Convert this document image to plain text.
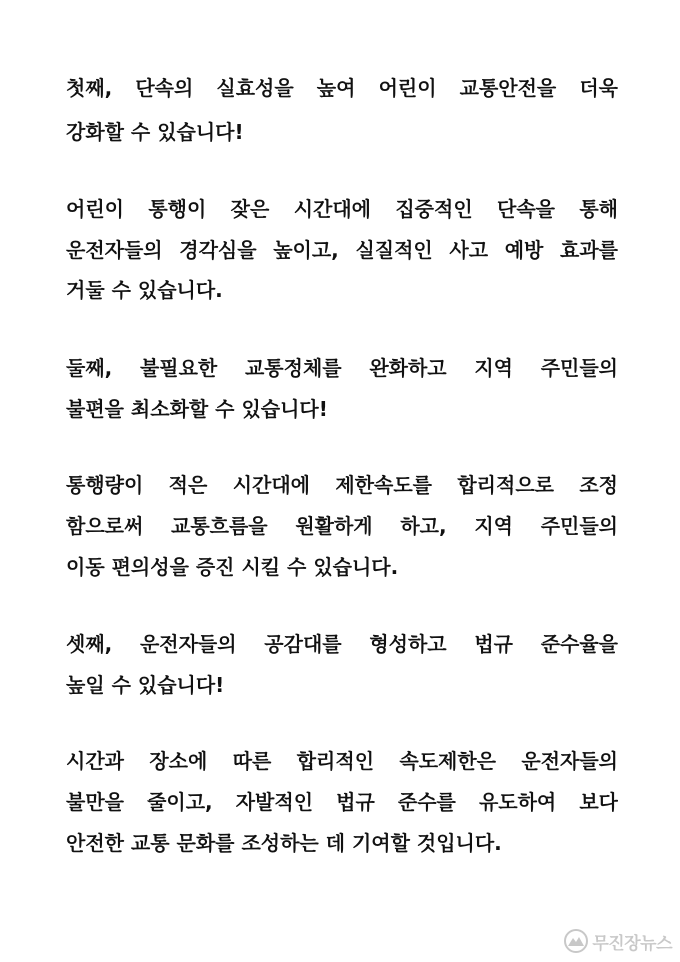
첫째, 단속의 실효성을 높여 어린이 교통안전을 더욱
강화할 수 있습니다!
어린이 통행이 잦은 시간대에 집중적인 단속을 통해
운전자들의 경각심을 높이고, 실질적인 사고 예방 효과를
거둘 수 있습니다.
둘째, 불필요한 교통정체를 완화하고 지역 주민들의
불편을 최소화할 수 있습니다!
통행량이 적은 시간대에 제한속도를 합리적으로 조정
함으로써 교통흐름을 원활하게 하고, 지역 주민들의
이동 편의성을 증진 시킬 수 있습니다.
셋째, 운전자들의 공감대를 형성하고 법규 준수율을
높일 수 있습니다!
시간과 장소에 따른 합리적인 속도제한은 운전자들의
불만을 줄이고, 자발적인 법규 준수를 유도하여 보다
안전한 교통 문화를 조성하는 데 기여할 것입니다.
무진장뉴스
